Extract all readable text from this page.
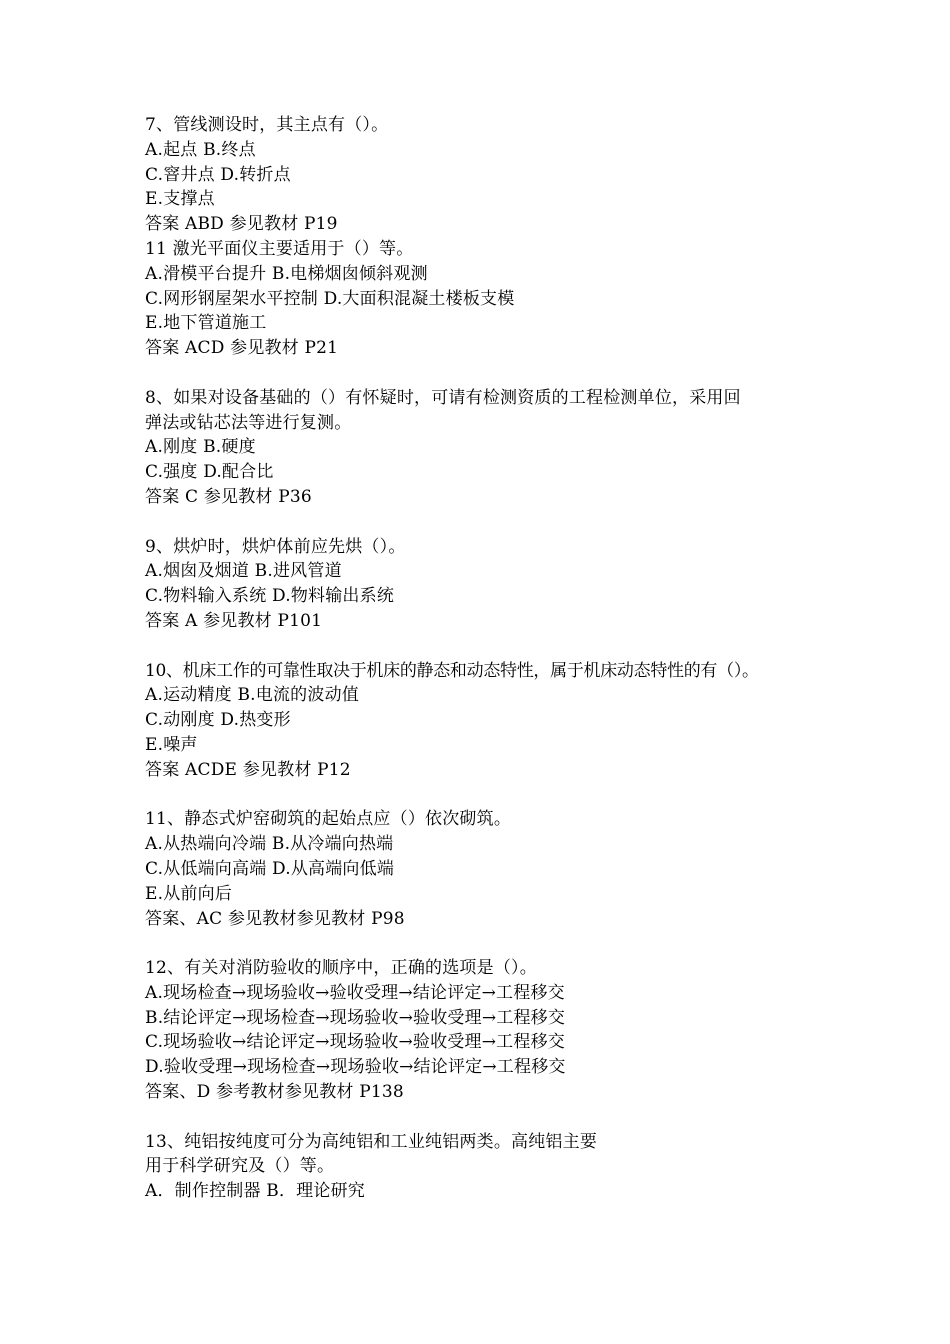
7、管线测设时，其主点有（）。
A.起点 B.终点
C.窨井点 D.转折点
E.支撑点
答案 ABD 参见教材 P19
11 激光平面仪主要适用于（）等。
A.滑模平台提升 B.电梯烟囱倾斜观测
C.网形钢屋架水平控制 D.大面积混凝土楼板支模
E.地下管道施工
答案 ACD 参见教材 P21
8、如果对设备基础的（）有怀疑时，可请有检测资质的工程检测单位，采用回
弹法或钻芯法等进行复测。
A.刚度 B.硬度
C.强度 D.配合比
答案 C 参见教材 P36
9、烘炉时，烘炉体前应先烘（）。
A.烟囱及烟道 B.进风管道
C.物料输入系统 D.物料输出系统
答案 A 参见教材 P101
10、机床工作的可靠性取决于机床的静态和动态特性，属于机床动态特性的有（）。
A.运动精度 B.电流的波动值
C.动刚度 D.热变形
E.噪声
答案 ACDE 参见教材 P12
11、静态式炉窑砌筑的起始点应（）依次砌筑。
A.从热端向冷端 B.从冷端向热端
C.从低端向高端 D.从高端向低端
E.从前向后
答案、AC 参见教材参见教材 P98
12、有关对消防验收的顺序中，正确的选项是（）。
A.现场检查→现场验收→验收受理→结论评定→工程移交
B.结论评定→现场检查→现场验收→验收受理→工程移交
C.现场验收→结论评定→现场验收→验收受理→工程移交
D.验收受理→现场检查→现场验收→结论评定→工程移交
答案、D 参考教材参见教材 P138
13、纯铝按纯度可分为高纯铝和工业纯铝两类。高纯铝主要
用于科学研究及（）等。
A．制作控制器 B．理论研究
